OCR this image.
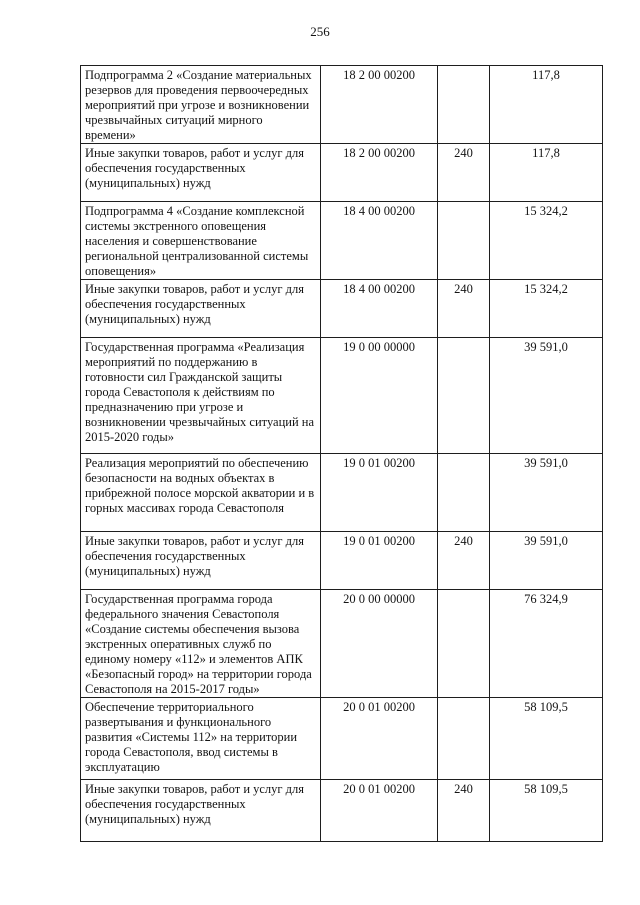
256
Подпрограмма 2 «Создание материальных резервов для проведения первоочередных мероприятий при угрозе и возникновении чрезвычайных ситуаций мирного времени»	18 2 00 00200		117,8
Иные закупки товаров, работ и услуг для обеспечения государственных (муниципальных) нужд	18 2 00 00200	240	117,8
Подпрограмма 4 «Создание комплексной системы экстренного оповещения населения и совершенствование региональной централизованной системы оповещения»	18 4 00 00200		15 324,2
Иные закупки товаров, работ и услуг для обеспечения государственных (муниципальных) нужд	18 4 00 00200	240	15 324,2
Государственная программа «Реализация мероприятий по поддержанию в готовности сил Гражданской защиты города Севастополя к действиям по предназначению при угрозе и возникновении чрезвычайных ситуаций на 2015-2020 годы»	19 0 00 00000		39 591,0
Реализация мероприятий по обеспечению безопасности на водных объектах в прибрежной полосе морской акватории и в горных массивах города Севастополя	19 0 01 00200		39 591,0
Иные закупки товаров, работ и услуг для обеспечения государственных (муниципальных) нужд	19 0 01 00200	240	39 591,0
Государственная программа города федерального значения Севастополя «Создание системы обеспечения вызова экстренных оперативных служб по единому номеру «112» и элементов АПК «Безопасный город» на территории города Севастополя на 2015-2017 годы»	20 0 00 00000		76 324,9
Обеспечение территориального развертывания и функционального развития «Системы 112» на территории города Севастополя, ввод системы в эксплуатацию	20 0 01 00200		58 109,5
Иные закупки товаров, работ и услуг для обеспечения государственных (муниципальных) нужд	20 0 01 00200	240	58 109,5
